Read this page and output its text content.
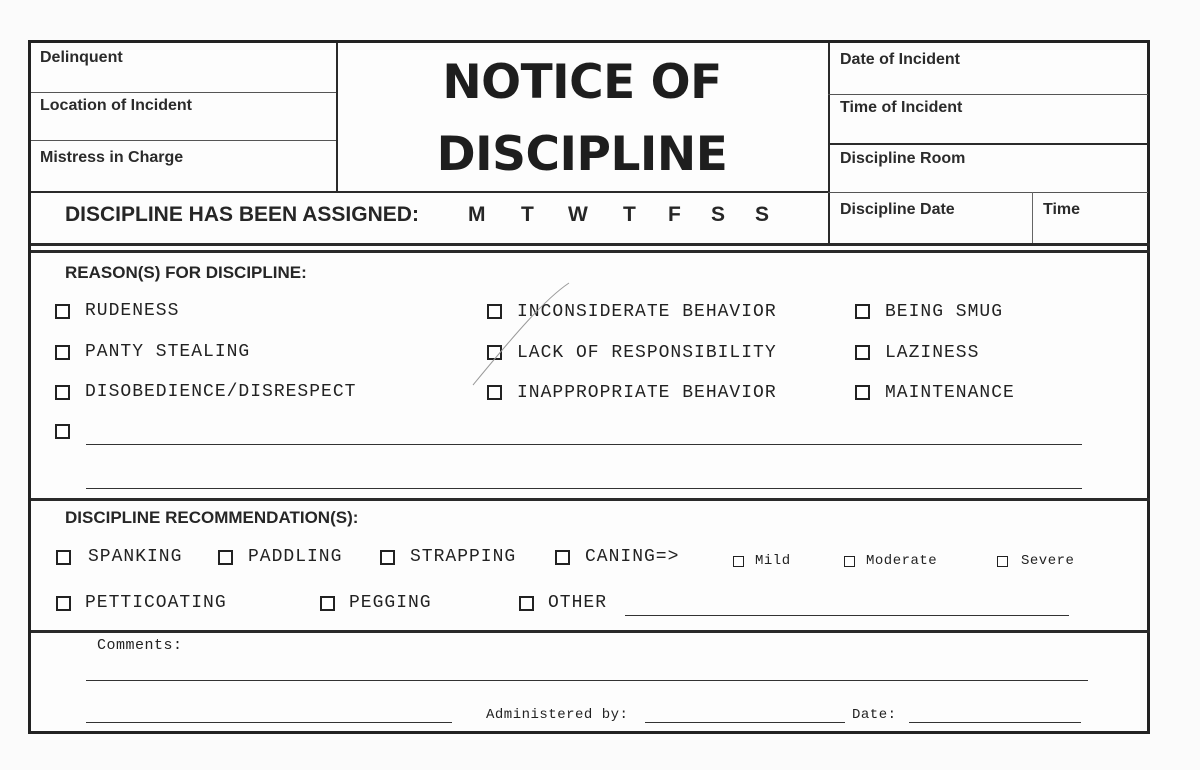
Delinquent
Location of Incident
Mistress in Charge
NOTICE OF
DISCIPLINE
Date of Incident
Time of Incident
Discipline Room
Discipline Date	Time
DISCIPLINE HAS BEEN ASSIGNED: M T W T F S S
REASON(S) FOR DISCIPLINE:
RUDENESS	INCONSIDERATE BEHAVIOR	BEING SMUG
PANTY STEALING	LACK OF RESPONSIBILITY	LAZINESS
DISOBEDIENCE/DISRESPECT	INAPPROPRIATE BEHAVIOR	MAINTENANCE
DISCIPLINE RECOMMENDATION(S):
SPANKING	PADDLING	STRAPPING	CANING=>	Mild	Moderate	Severe
PETTICOATING	PEGGING	OTHER
Comments:
Administered by:	Date:
